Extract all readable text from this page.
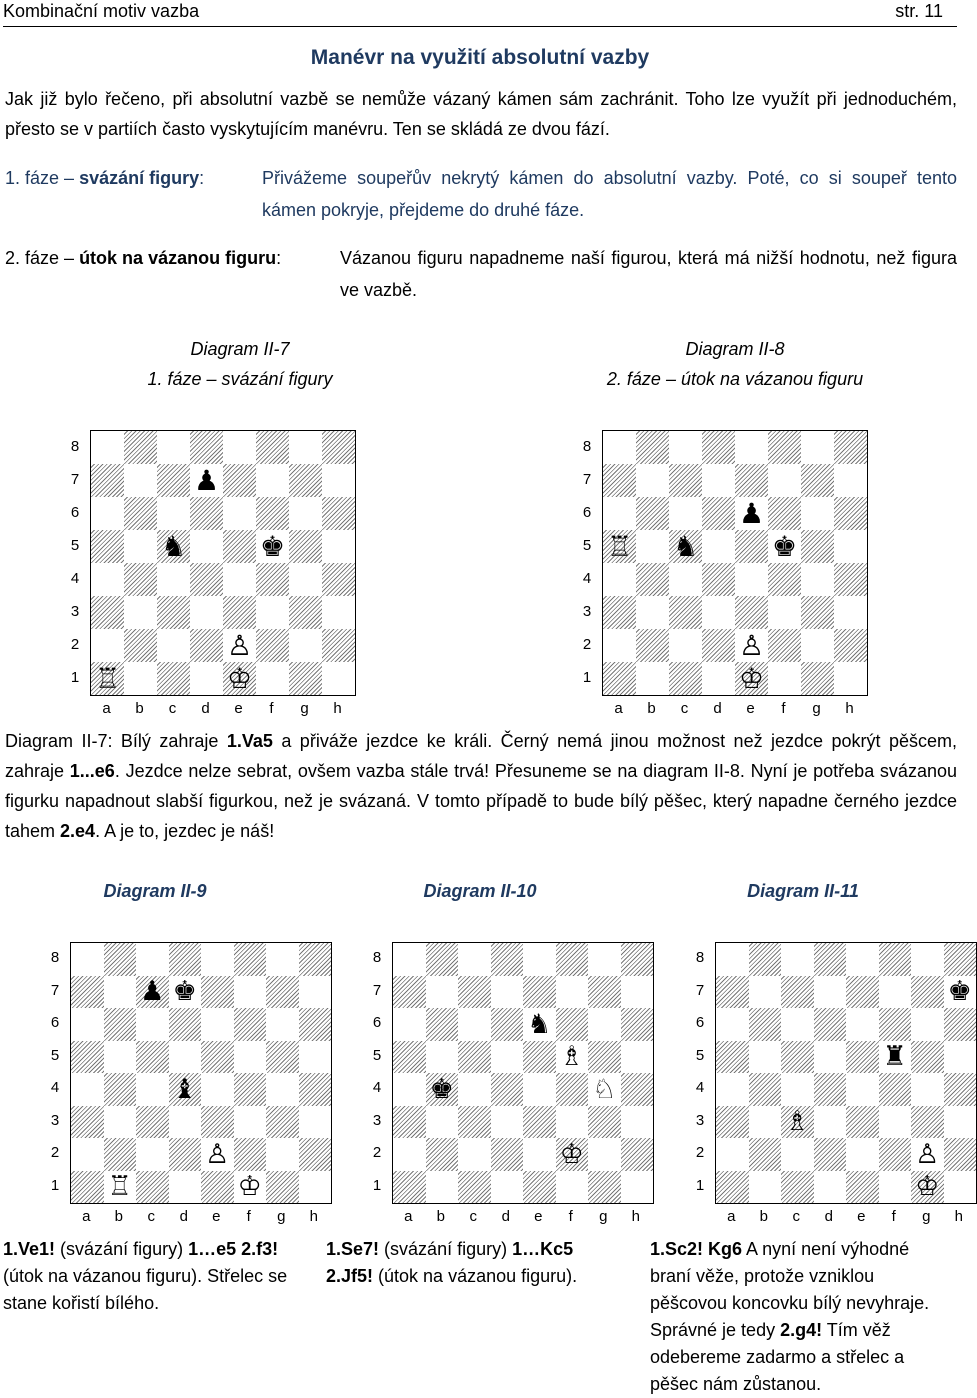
Kombinační motiv vazba	str. 11
Manévr na využití absolutní vazby
Jak již bylo řečeno, při absolutní vazbě se nemůže vázaný kámen sám zachránit. Toho lze využít při jednoduchém, přesto se v partiích často vyskytujícím manévru. Ten se skládá ze dvou fází.
1. fáze – svázání figury:	Přivážeme soupeřův nekrytý kámen do absolutní vazby. Poté, co si soupeř tento kámen pokryje, přejdeme do druhé fáze.
2. fáze – útok na vázanou figuru:	Vázanou figuru napadneme naší figurou, která má nižší hodnotu, než figura ve vazbě.
Diagram II-7
1. fáze – svázání figury
Diagram II-8
2. fáze – útok na vázanou figuru
♟
♞	♚
♙
♖	♔
8
7
6
5
4
3
2
1
a	b	c	d	e	f	g	h
♟
♖ ♞	♚
♙
♔
8
7
6
5
4
3
2
1
a	b	c	d	e	f	g	h
Diagram II-7: Bílý zahraje 1.Va5 a přiváže jezdce ke králi. Černý nemá jinou možnost než jezdce pokrýt pěšcem, zahraje 1...e6. Jezdce nelze sebrat, ovšem vazba stále trvá! Přesuneme se na diagram II-8. Nyní je potřeba svázanou figurku napadnout slabší figurkou, než je svázaná. V tomto případě to bude bílý pěšec, který napadne černého jezdce tahem 2.e4. A je to, jezdec je náš!
Diagram II-9	Diagram II-10	Diagram II-11
♟ ♚
♝
♙
♖	♔
8
7
6
5
4
3
2
1
a	b	c	d	e	f	g	h
♞
♗
♚	♘
♔
8
7
6
5
4
3
2
1
a	b	c	d	e	f	g	h
♚
♜
♗
♙
♔
8
7
6
5
4
3
2
1
a	b	c	d	e	f	g	h
1.Ve1! (svázání figury) 1…e5 2.f3! (útok na vázanou figuru). Střelec se stane kořistí bílého.
1.Se7! (svázání figury) 1…Kc5 2.Jf5! (útok na vázanou figuru).
1.Sc2! Kg6 A nyní není výhodné braní věže, protože vzniklou pěšcovou koncovku bílý nevyhraje. Správné je tedy 2.g4! Tím věž odebereme zadarmo a střelec a pěšec nám zůstanou.
